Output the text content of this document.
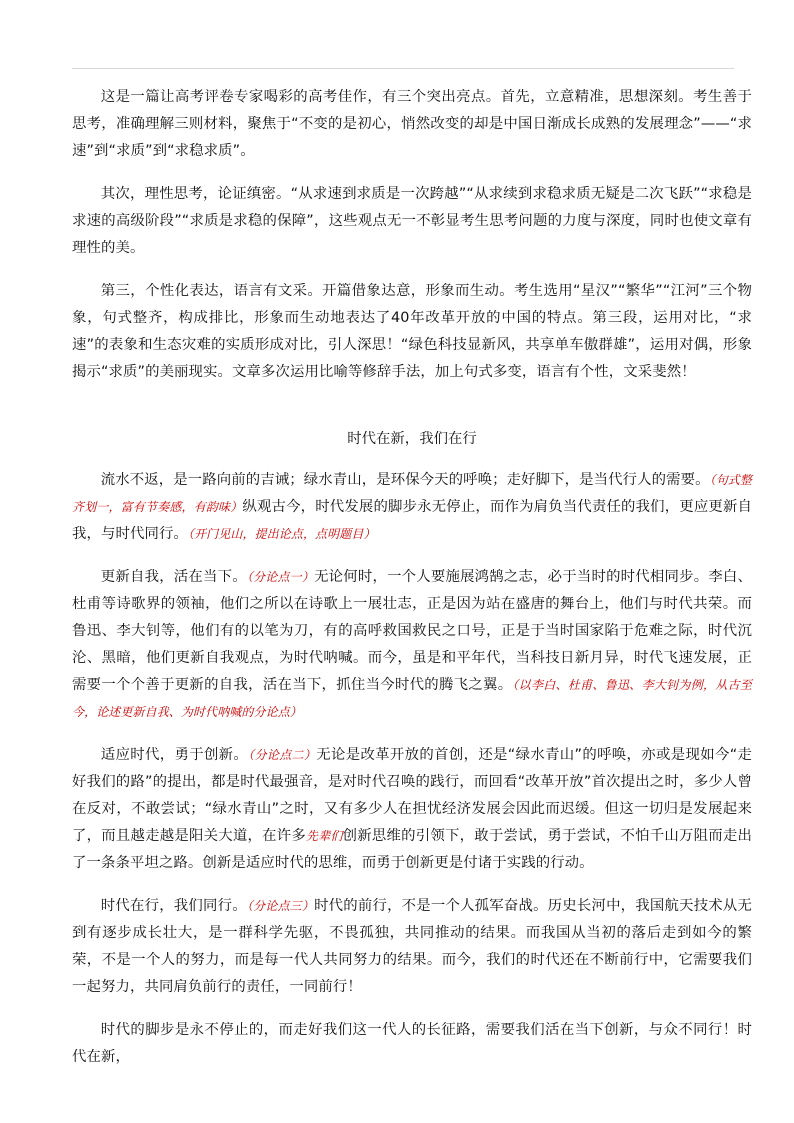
这是一篇让高考评卷专家喝彩的高考佳作，有三个突出亮点。首先，立意精准，思想深刻。考生善于思考，准确理解三则材料，聚焦于“不变的是初心，悄然改变的却是中国日渐成长成熟的发展理念”——“求速”到“求质”到“求稳求质”。

其次，理性思考，论证缜密。“从求速到求质是一次跨越”“从求续到求稳求质无疑是二次飞跃”“求稳是求速的高级阶段”“求质是求稳的保障”，这些观点无一不彰显考生思考问题的力度与深度，同时也使文章有理性的美。

第三，个性化表达，语言有文采。开篇借象达意，形象而生动。考生选用“星汉”“繁华”“江河”三个物象，句式整齐，构成排比，形象而生动地表达了40年改革开放的中国的特点。第三段，运用对比，“求速”的表象和生态灾难的实质形成对比，引人深思！“绿色科技显新风，共享单车傲群雄”，运用对偶，形象揭示“求质”的美丽现实。文章多次运用比喻等修辞手法，加上句式多变，语言有个性，文采斐然！

时代在新，我们在行

流水不返，是一路向前的吉诫；绿水青山，是环保今天的呼唤；走好脚下，是当代行人的需要。（句式整齐划一，富有节奏感，有韵味）纵观古今，时代发展的脚步永无停止，而作为肩负当代责任的我们，更应更新自我，与时代同行。（开门见山，提出论点，点明题目）

更新自我，活在当下。（分论点一）无论何时，一个人要施展鸿鹄之志，必于当时的时代相同步。李白、杜甫等诗歌界的领袖，他们之所以在诗歌上一展壮志，正是因为站在盛唐的舞台上，他们与时代共荣。而鲁迅、李大钊等，他们有的以笔为刀，有的高呼救国救民之口号，正是于当时国家陷于危难之际，时代沉沦、黑暗，他们更新自我观点，为时代呐喊。而今，虽是和平年代，当科技日新月异，时代飞速发展，正需要一个个善于更新的自我，活在当下，抓住当今时代的腾飞之翼。（以李白、杜甫、鲁迅、李大钊为例，从古至今，论述更新自我、为时代呐喊的分论点）

适应时代，勇于创新。（分论点二）无论是改革开放的首创，还是“绿水青山”的呼唤，亦或是现如今“走好我们的路”的提出，都是时代最强音，是对时代召唤的践行，而回看“改革开放”首次提出之时，多少人曾在反对，不敢尝试；“绿水青山”之时，又有多少人在担忧经济发展会因此而迟缓。但这一切归是发展起来了，而且越走越是阳关大道，在许多先辈们创新思维的引领下，敢于尝试，勇于尝试，不怕千山万阻而走出了一条条平坦之路。创新是适应时代的思维，而勇于创新更是付诸于实践的行动。

时代在行，我们同行。（分论点三）时代的前行，不是一个人孤军奋战。历史长河中，我国航天技术从无到有逐步成长壮大，是一群科学先驱，不畏孤独，共同推动的结果。而我国从当初的落后走到如今的繁荣，不是一个人的努力，而是每一代人共同努力的结果。而今，我们的时代还在不断前行中，它需要我们一起努力，共同肩负前行的责任，一同前行！

时代的脚步是永不停止的，而走好我们这一代人的长征路，需要我们活在当下创新，与众不同行！时代在新，
